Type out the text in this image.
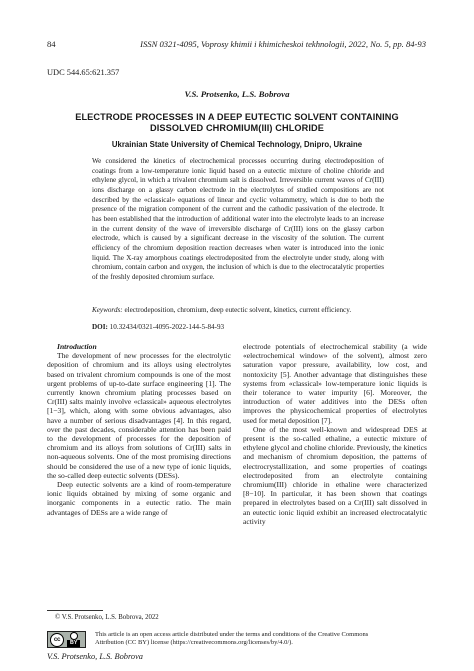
84	ISSN 0321-4095, Voprosy khimii i khimicheskoi tekhnologii, 2022, No. 5, pp. 84-93
UDC 544.65:621.357
V.S. Protsenko, L.S. Bobrova
ELECTRODE PROCESSES IN A DEEP EUTECTIC SOLVENT CONTAINING DISSOLVED CHROMIUM(III) CHLORIDE
Ukrainian State University of Chemical Technology, Dnipro, Ukraine

We considered the kinetics of electrochemical processes occurring during electrodeposition of coatings from a low-temperature ionic liquid based on a eutectic mixture of choline chloride and ethylene glycol, in which a trivalent chromium salt is dissolved. Irreversible current waves of Cr(III) ions discharge on a glassy carbon electrode in the electrolytes of studied compositions are not described by the «classical» equations of linear and cyclic voltammetry, which is due to both the presence of the migration component of the current and the cathodic passivation of the electrode. It has been established that the introduction of additional water into the electrolyte leads to an increase in the current density of the wave of irreversible discharge of Cr(III) ions on the glassy carbon electrode, which is caused by a significant decrease in the viscosity of the solution. The current efficiency of the chromium deposition reaction decreases when water is introduced into the ionic liquid. The X-ray amorphous coatings electrodeposited from the electrolyte under study, along with chromium, contain carbon and oxygen, the inclusion of which is due to the electrocatalytic properties of the freshly deposited chromium surface.

Keywords: electrodeposition, chromium, deep eutectic solvent, kinetics, current efficiency.
DOI: 10.32434/0321-4095-2022-144-5-84-93
Introduction

The development of new processes for the electrolytic deposition of chromium and its alloys using electrolytes based on trivalent chromium compounds is one of the most urgent problems of up-to-date surface engineering [1]. The currently known chromium plating processes based on Cr(III) salts mainly involve «classical» aqueous electrolytes [1−3], which, along with some obvious advantages, also have a number of serious disadvantages [4]. In this regard, over the past decades, considerable attention has been paid to the development of processes for the deposition of chromium and its alloys from solutions of Cr(III) salts in non-aqueous solvents. One of the most promising directions should be considered the use of a new type of ionic liquids, the so-called deep eutectic solvents (DESs).

Deep eutectic solvents are a kind of room-temperature ionic liquids obtained by mixing of some organic and inorganic components in a eutectic ratio. The main advantages of DESs are a wide range of

electrode potentials of electrochemical stability (a wide «electrochemical window» of the solvent), almost zero saturation vapor pressure, availability, low cost, and nontoxicity [5]. Another advantage that distinguishes these systems from «classical» low-temperature ionic liquids is their tolerance to water impurity [6]. Moreover, the introduction of water additives into the DESs often improves the physicochemical properties of electrolytes used for metal deposition [7].

One of the most well-known and widespread DES at present is the so-called ethaline, a eutectic mixture of ethylene glycol and choline chloride. Previously, the kinetics and mechanism of chromium deposition, the patterns of electrocrystallization, and some properties of coatings electrodeposited from an electrolyte containing chromium(III) chloride in ethaline were characterized [8−10]. In particular, it has been shown that coatings prepared in electrolytes based on a Cr(III) salt dissolved in an eutectic ionic liquid exhibit an increased electrocatalytic activity

© V.S. Protsenko, L.S. Bobrova, 2022
cc
BY
This article is an open access article distributed under the terms and conditions of the Creative Commons Attribution (CC BY) license (https://creativecommons.org/licenses/by/4.0/).
V.S. Protsenko, L.S. Bobrova
